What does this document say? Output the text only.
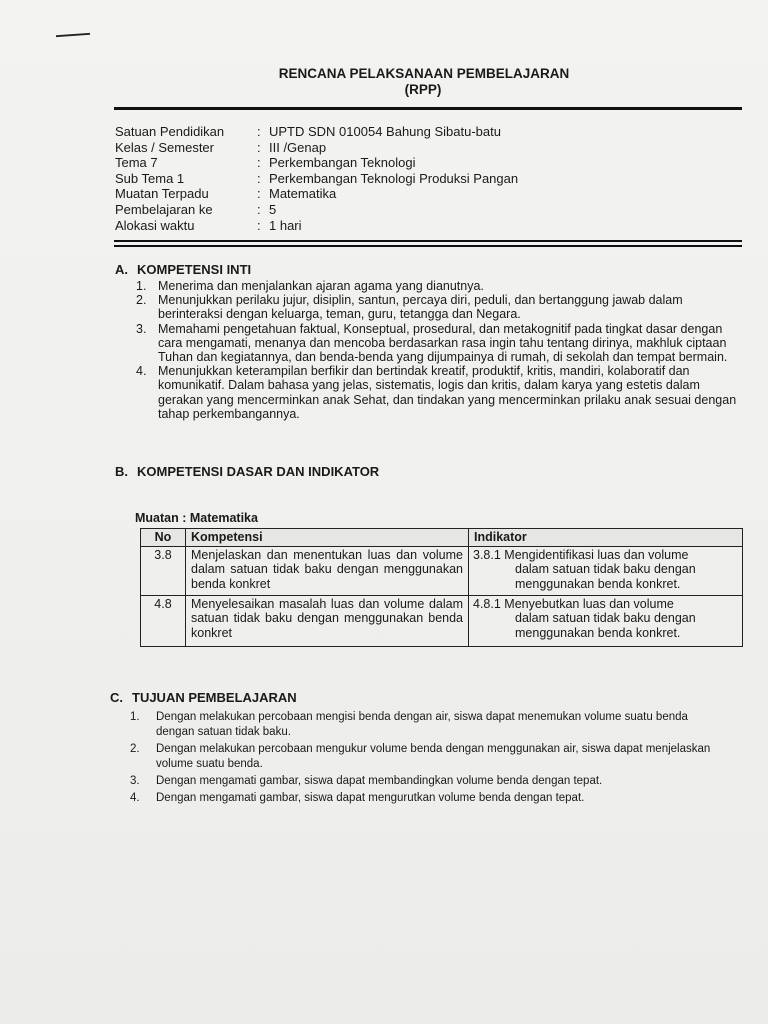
RENCANA PELAKSANAAN PEMBELAJARAN
(RPP)
Satuan Pendidikan	: UPTD SDN 010054 Bahung Sibatu-batu
Kelas / Semester	: III /Genap
Tema 7	: Perkembangan Teknologi
Sub Tema 1	: Perkembangan Teknologi Produksi Pangan
Muatan Terpadu	: Matematika
Pembelajaran ke	: 5
Alokasi waktu	: 1 hari
A. KOMPETENSI INTI
1. Menerima dan menjalankan ajaran agama yang dianutnya.
2. Menunjukkan perilaku jujur, disiplin, santun, percaya diri, peduli, dan bertanggung jawab dalam berinteraksi dengan keluarga, teman, guru, tetangga dan Negara.
3. Memahami pengetahuan faktual, Konseptual, prosedural, dan metakognitif pada tingkat dasar dengan cara mengamati, menanya dan mencoba berdasarkan rasa ingin tahu tentang dirinya, makhluk ciptaan Tuhan dan kegiatannya, dan benda-benda yang dijumpainya di rumah, di sekolah dan tempat bermain.
4. Menunjukkan keterampilan berfikir dan bertindak kreatif, produktif, kritis, mandiri, kolaboratif dan komunikatif. Dalam bahasa yang jelas, sistematis, logis dan kritis, dalam karya yang estetis dalam gerakan yang mencerminkan anak Sehat, dan tindakan yang mencerminkan prilaku anak sesuai dengan tahap perkembangannya.
B. KOMPETENSI DASAR DAN INDIKATOR
Muatan : Matematika
No	Kompetensi	Indikator
3.8	Menjelaskan dan menentukan luas dan volume dalam satuan tidak baku dengan menggunakan benda konkret	3.8.1 Mengidentifikasi luas dan volume
dalam satuan tidak baku dengan menggunakan benda konkret.

4.8	Menyelesaikan masalah luas dan volume dalam satuan tidak baku dengan menggunakan benda konkret	4.8.1 Menyebutkan luas dan volume
dalam satuan tidak baku dengan menggunakan benda konkret.
C. TUJUAN PEMBELAJARAN
1. Dengan melakukan percobaan mengisi benda dengan air, siswa dapat menemukan volume suatu benda dengan satuan tidak baku.
2. Dengan melakukan percobaan mengukur volume benda dengan menggunakan air, siswa dapat menjelaskan volume suatu benda.
3. Dengan mengamati gambar, siswa dapat membandingkan volume benda dengan tepat.
4. Dengan mengamati gambar, siswa dapat mengurutkan volume benda dengan tepat.
